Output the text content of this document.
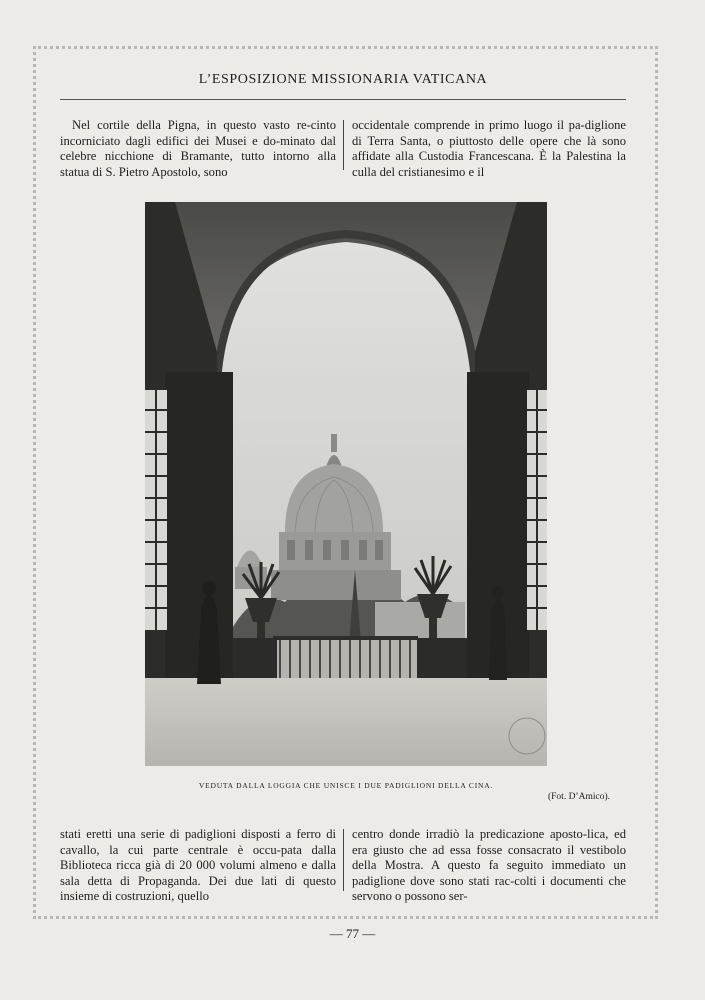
L’ESPOSIZIONE MISSIONARIA VATICANA
Nel cortile della Pigna, in questo vasto re-cinto incorniciato dagli edifici dei Musei e do-minato dal celebre nicchione di Bramante, tutto intorno alla statua di S. Pietro Apostolo, sono
occidentale comprende in primo luogo il pa-diglione di Terra Santa, o piuttosto delle opere che là sono affidate alla Custodia Francescana. È la Palestina la culla del cristianesimo e il
VEDUTA DALLA LOGGIA CHE UNISCE I DUE PADIGLIONI DELLA CINA.
(Fot. D’Amico).
stati eretti una serie di padiglioni disposti a ferro di cavallo, la cui parte centrale è occu-pata dalla Biblioteca ricca già di 20 000 volumi almeno e dalla sala detta di Propaganda. Dei due lati di questo insieme di costruzioni, quello
centro donde irradiò la predicazione aposto-lica, ed era giusto che ad essa fosse consacrato il vestibolo della Mostra. A questo fa seguito immediato un padiglione dove sono stati rac-colti i documenti che servono o possono ser-
— 77 —
